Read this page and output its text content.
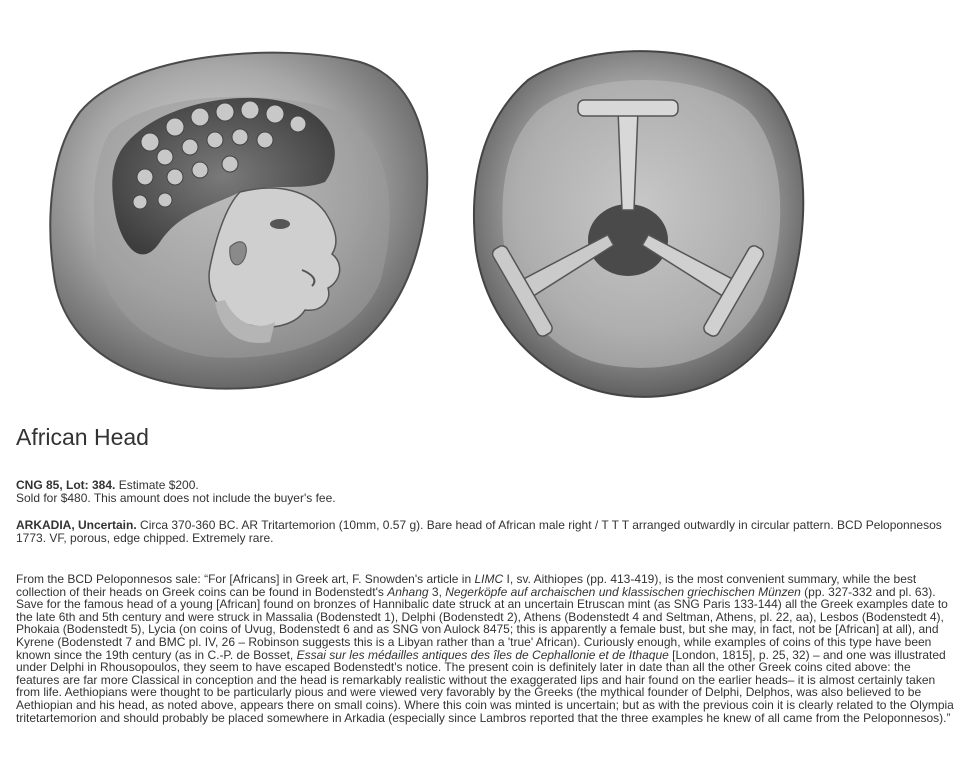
African Head
CNG 85, Lot: 384. Estimate $200.
Sold for $480. This amount does not include the buyer's fee.
ARKADIA, Uncertain. Circa 370-360 BC. AR Tritartemorion (10mm, 0.57 g). Bare head of African male right / T T T arranged outwardly in circular pattern. BCD Peloponnesos 1773. VF, porous, edge chipped. Extremely rare.
From the BCD Peloponnesos sale: “For [Africans] in Greek art, F. Snowden's article in LIMC I, sv. Aithiopes (pp. 413-419), is the most convenient summary, while the best collection of their heads on Greek coins can be found in Bodenstedt's Anhang 3, Negerköpfe auf archaischen und klassischen griechischen Münzen (pp. 327-332 and pl. 63). Save for the famous head of a young [African] found on bronzes of Hannibalic date struck at an uncertain Etruscan mint (as SNG Paris 133-144) all the Greek examples date to the late 6th and 5th century and were struck in Massalia (Bodenstedt 1), Delphi (Bodenstedt 2), Athens (Bodenstedt 4 and Seltman, Athens, pl. 22, aa), Lesbos (Bodenstedt 4), Phokaia (Bodenstedt 5), Lycia (on coins of Uvug, Bodenstedt 6 and as SNG von Aulock 8475; this is apparently a female bust, but she may, in fact, not be [African] at all), and Kyrene (Bodenstedt 7 and BMC pl. IV, 26 – Robinson suggests this is a Libyan rather than a 'true' African). Curiously enough, while examples of coins of this type have been known since the 19th century (as in C.-P. de Bosset, Essai sur les médailles antiques des îles de Cephallonie et de Ithaque [London, 1815], p. 25, 32) – and one was illustrated under Delphi in Rhousopoulos, they seem to have escaped Bodenstedt's notice. The present coin is definitely later in date than all the other Greek coins cited above: the features are far more Classical in conception and the head is remarkably realistic without the exaggerated lips and hair found on the earlier heads– it is almost certainly taken from life. Aethiopians were thought to be particularly pious and were viewed very favorably by the Greeks (the mythical founder of Delphi, Delphos, was also believed to be Aethiopian and his head, as noted above, appears there on small coins). Where this coin was minted is uncertain; but as with the previous coin it is clearly related to the Olympia tritetartemorion and should probably be placed somewhere in Arkadia (especially since Lambros reported that the three examples he knew of all came from the Peloponnesos).”
